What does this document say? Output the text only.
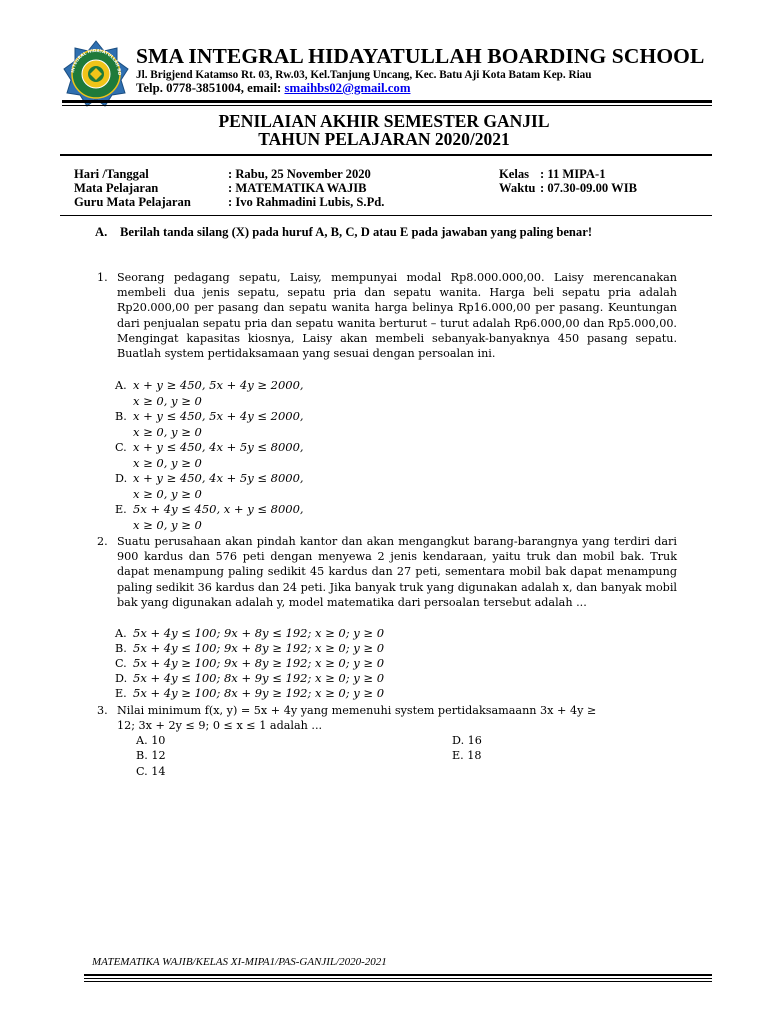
INTEGRAL HIDAYATULLAH BO
SMA INTEGRAL HIDAYATULLAH BOARDING SCHOOL
Jl. Brigjend Katamso Rt. 03, Rw.03, Kel.Tanjung Uncang, Kec. Batu Aji Kota Batam Kep. Riau
Telp. 0778-3851004, email: smaihbs02@gmail.com
PENILAIAN AKHIR SEMESTER GANJIL
TAHUN PELAJARAN 2020/2021
Hari /Tanggal	: Rabu, 25 November 2020
Mata Pelajaran	: MATEMATIKA WAJIB
Guru Mata Pelajaran	: Ivo Rahmadini Lubis, S.Pd.
Kelas : 11 MIPA-1
Waktu : 07.30-09.00 WIB
A. Berilah tanda silang (X) pada huruf A, B, C, D atau E pada jawaban yang paling benar!
1. Seorang pedagang sepatu, Laisy, mempunyai modal Rp8.000.000,00. Laisy merencanakan membeli dua jenis sepatu, sepatu pria dan sepatu wanita. Harga beli sepatu pria adalah Rp20.000,00 per pasang dan sepatu wanita harga belinya Rp16.000,00 per pasang. Keuntungan dari penjualan sepatu pria dan sepatu wanita berturut – turut adalah Rp6.000,00 dan Rp5.000,00. Mengingat kapasitas kiosnya, Laisy akan membeli sebanyak-banyaknya 450 pasang sepatu. Buatlah system pertidaksamaan yang sesuai dengan persoalan ini.

A. x + y ≥ 450, 5x + 4y ≥ 2000,
x ≥ 0, y ≥ 0
B. x + y ≤ 450, 5x + 4y ≤ 2000,
x ≥ 0, y ≥ 0
C. x + y ≤ 450, 4x + 5y ≤ 8000,
x ≥ 0, y ≥ 0
D. x + y ≥ 450, 4x + 5y ≤ 8000,
x ≥ 0, y ≥ 0
E. 5x + 4y ≤ 450, x + y ≤ 8000,
x ≥ 0, y ≥ 0
2. Suatu perusahaan akan pindah kantor dan akan mengangkut barang-barangnya yang terdiri dari 900 kardus dan 576 peti dengan menyewa 2 jenis kendaraan, yaitu truk dan mobil bak. Truk dapat menampung paling sedikit 45 kardus dan 27 peti, sementara mobil bak dapat menampung paling sedikit 36 kardus dan 24 peti. Jika banyak truk yang digunakan adalah x, dan banyak mobil bak yang digunakan adalah y, model matematika dari persoalan tersebut adalah ...

A. 5x + 4y ≤ 100; 9x + 8y ≤ 192; x ≥ 0; y ≥ 0
B. 5x + 4y ≤ 100; 9x + 8y ≥ 192; x ≥ 0; y ≥ 0
C. 5x + 4y ≥ 100; 9x + 8y ≥ 192; x ≥ 0; y ≥ 0
D. 5x + 4y ≤ 100; 8x + 9y ≤ 192; x ≥ 0; y ≥ 0
E. 5x + 4y ≥ 100; 8x + 9y ≥ 192; x ≥ 0; y ≥ 0
3. Nilai minimum f(x, y) = 5x + 4y yang memenuhi system pertidaksamaann 3x + 4y ≥
12; 3x + 2y ≤ 9; 0 ≤ x ≤ 1 adalah ...
A. 10
B. 12
C. 14
D. 16
E. 18
MATEMATIKA WAJIB/KELAS XI-MIPA1/PAS-GANJIL/2020-2021
